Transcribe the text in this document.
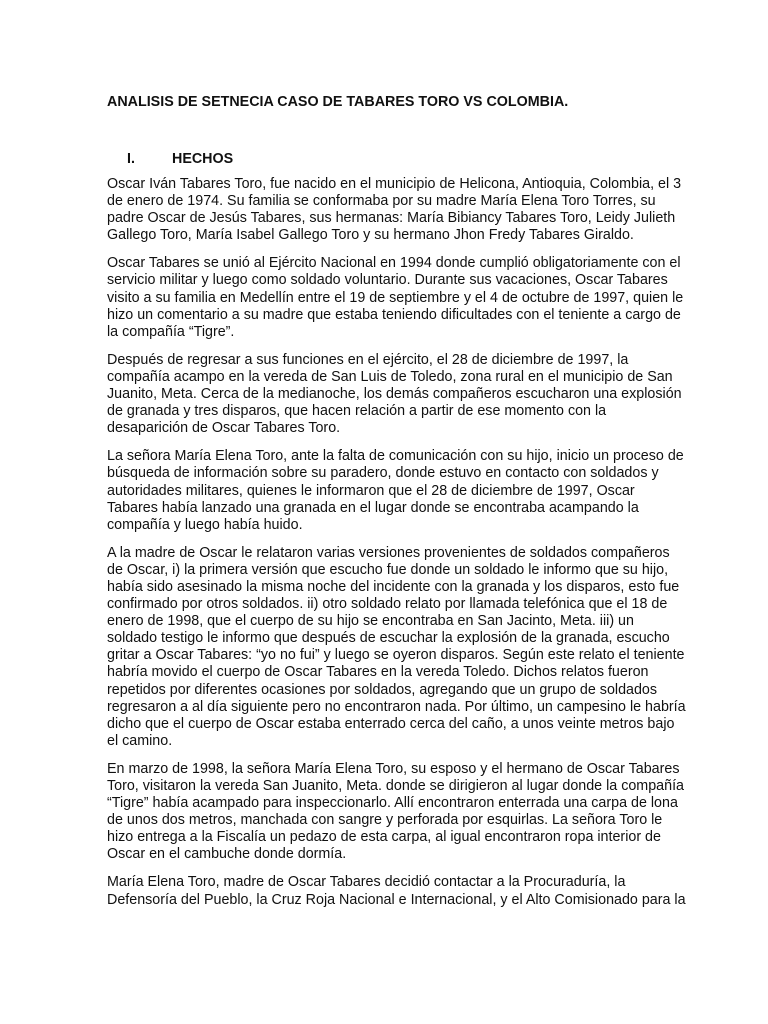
ANALISIS DE SETNECIA CASO DE TABARES TORO VS COLOMBIA.
I.	HECHOS

Oscar Iván Tabares Toro, fue nacido en el municipio de Helicona, Antioquia, Colombia, el 3
de enero de 1974. Su familia se conformaba por su madre María Elena Toro Torres, su
padre Oscar de Jesús Tabares, sus hermanas: María Bibiancy Tabares Toro, Leidy Julieth
Gallego Toro, María Isabel Gallego Toro y su hermano Jhon Fredy Tabares Giraldo.

Oscar Tabares se unió al Ejército Nacional en 1994 donde cumplió obligatoriamente con el
servicio militar y luego como soldado voluntario. Durante sus vacaciones, Oscar Tabares
visito a su familia en Medellín entre el 19 de septiembre y el 4 de octubre de 1997, quien le
hizo un comentario a su madre que estaba teniendo dificultades con el teniente a cargo de
la compañía “Tigre”.

Después de regresar a sus funciones en el ejército, el 28 de diciembre de 1997, la
compañía acampo en la vereda de San Luis de Toledo, zona rural en el municipio de San
Juanito, Meta. Cerca de la medianoche, los demás compañeros escucharon una explosión
de granada y tres disparos, que hacen relación a partir de ese momento con la
desaparición de Oscar Tabares Toro.

La señora María Elena Toro, ante la falta de comunicación con su hijo, inicio un proceso de
búsqueda de información sobre su paradero, donde estuvo en contacto con soldados y
autoridades militares, quienes le informaron que el 28 de diciembre de 1997, Oscar
Tabares había lanzado una granada en el lugar donde se encontraba acampando la
compañía y luego había huido.

A la madre de Oscar le relataron varias versiones provenientes de soldados compañeros
de Oscar, i) la primera versión que escucho fue donde un soldado le informo que su hijo,
había sido asesinado la misma noche del incidente con la granada y los disparos, esto fue
confirmado por otros soldados. ii) otro soldado relato por llamada telefónica que el 18 de
enero de 1998, que el cuerpo de su hijo se encontraba en San Jacinto, Meta. iii) un
soldado testigo le informo que después de escuchar la explosión de la granada, escucho
gritar a Oscar Tabares: “yo no fui” y luego se oyeron disparos. Según este relato el teniente
habría movido el cuerpo de Oscar Tabares en la vereda Toledo. Dichos relatos fueron
repetidos por diferentes ocasiones por soldados, agregando que un grupo de soldados
regresaron a al día siguiente pero no encontraron nada. Por último, un campesino le habría
dicho que el cuerpo de Oscar estaba enterrado cerca del caño, a unos veinte metros bajo
el camino.

En marzo de 1998, la señora María Elena Toro, su esposo y el hermano de Oscar Tabares
Toro, visitaron la vereda San Juanito, Meta. donde se dirigieron al lugar donde la compañía
“Tigre” había acampado para inspeccionarlo. Allí encontraron enterrada una carpa de lona
de unos dos metros, manchada con sangre y perforada por esquirlas. La señora Toro le
hizo entrega a la Fiscalía un pedazo de esta carpa, al igual encontraron ropa interior de
Oscar en el cambuche donde dormía.

María Elena Toro, madre de Oscar Tabares decidió contactar a la Procuraduría, la
Defensoría del Pueblo, la Cruz Roja Nacional e Internacional, y el Alto Comisionado para la
